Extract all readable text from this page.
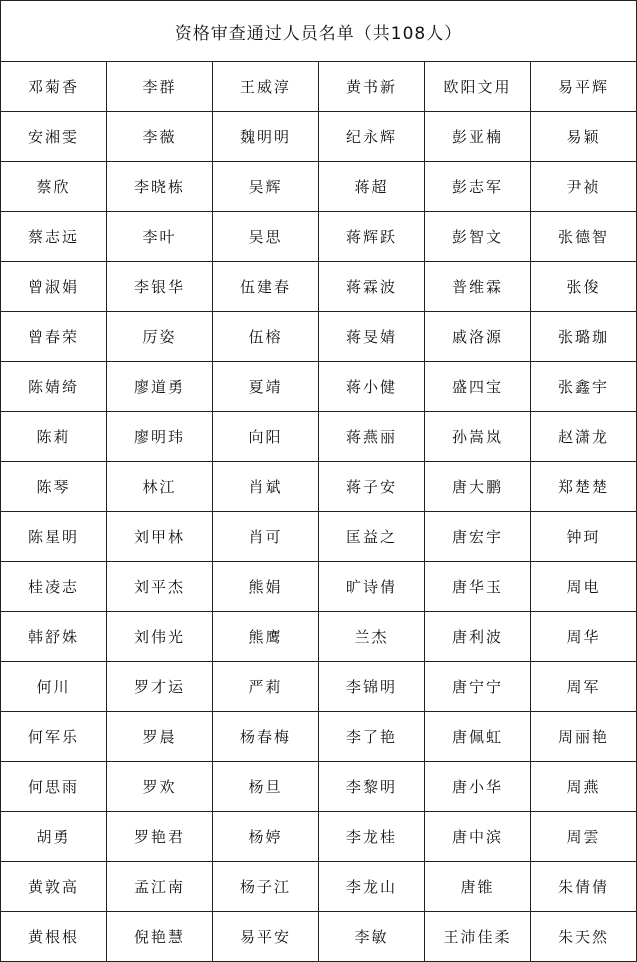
资格审查通过人员名单（共108人）
邓菊香	李群	王威淳	黄书新	欧阳文用	易平辉
安湘雯	李薇	魏明明	纪永辉	彭亚楠	易颖
蔡欣	李晓栋	吴辉	蒋超	彭志军	尹祯
蔡志远	李叶	吴思	蒋辉跃	彭智文	张德智
曾淑娟	李银华	伍建春	蒋霖波	普维霖	张俊
曾春荣	厉姿	伍榕	蒋旻婧	戚洛源	张璐珈
陈婧绮	廖道勇	夏靖	蒋小健	盛四宝	张鑫宇
陈莉	廖明玮	向阳	蒋燕丽	孙嵩岚	赵潇龙
陈琴	林江	肖斌	蒋子安	唐大鹏	郑楚楚
陈星明	刘甲林	肖可	匡益之	唐宏宇	钟珂
桂凌志	刘平杰	熊娟	旷诗倩	唐华玉	周电
韩舒姝	刘伟光	熊鹰	兰杰	唐利波	周华
何川	罗才运	严莉	李锦明	唐宁宁	周军
何军乐	罗晨	杨春梅	李了艳	唐佩虹	周丽艳
何思雨	罗欢	杨旦	李黎明	唐小华	周燕
胡勇	罗艳君	杨婷	李龙桂	唐中滨	周雲
黄敦高	孟江南	杨子江	李龙山	唐锥	朱倩倩
黄根根	倪艳慧	易平安	李敏	王沛佳柔	朱天然
